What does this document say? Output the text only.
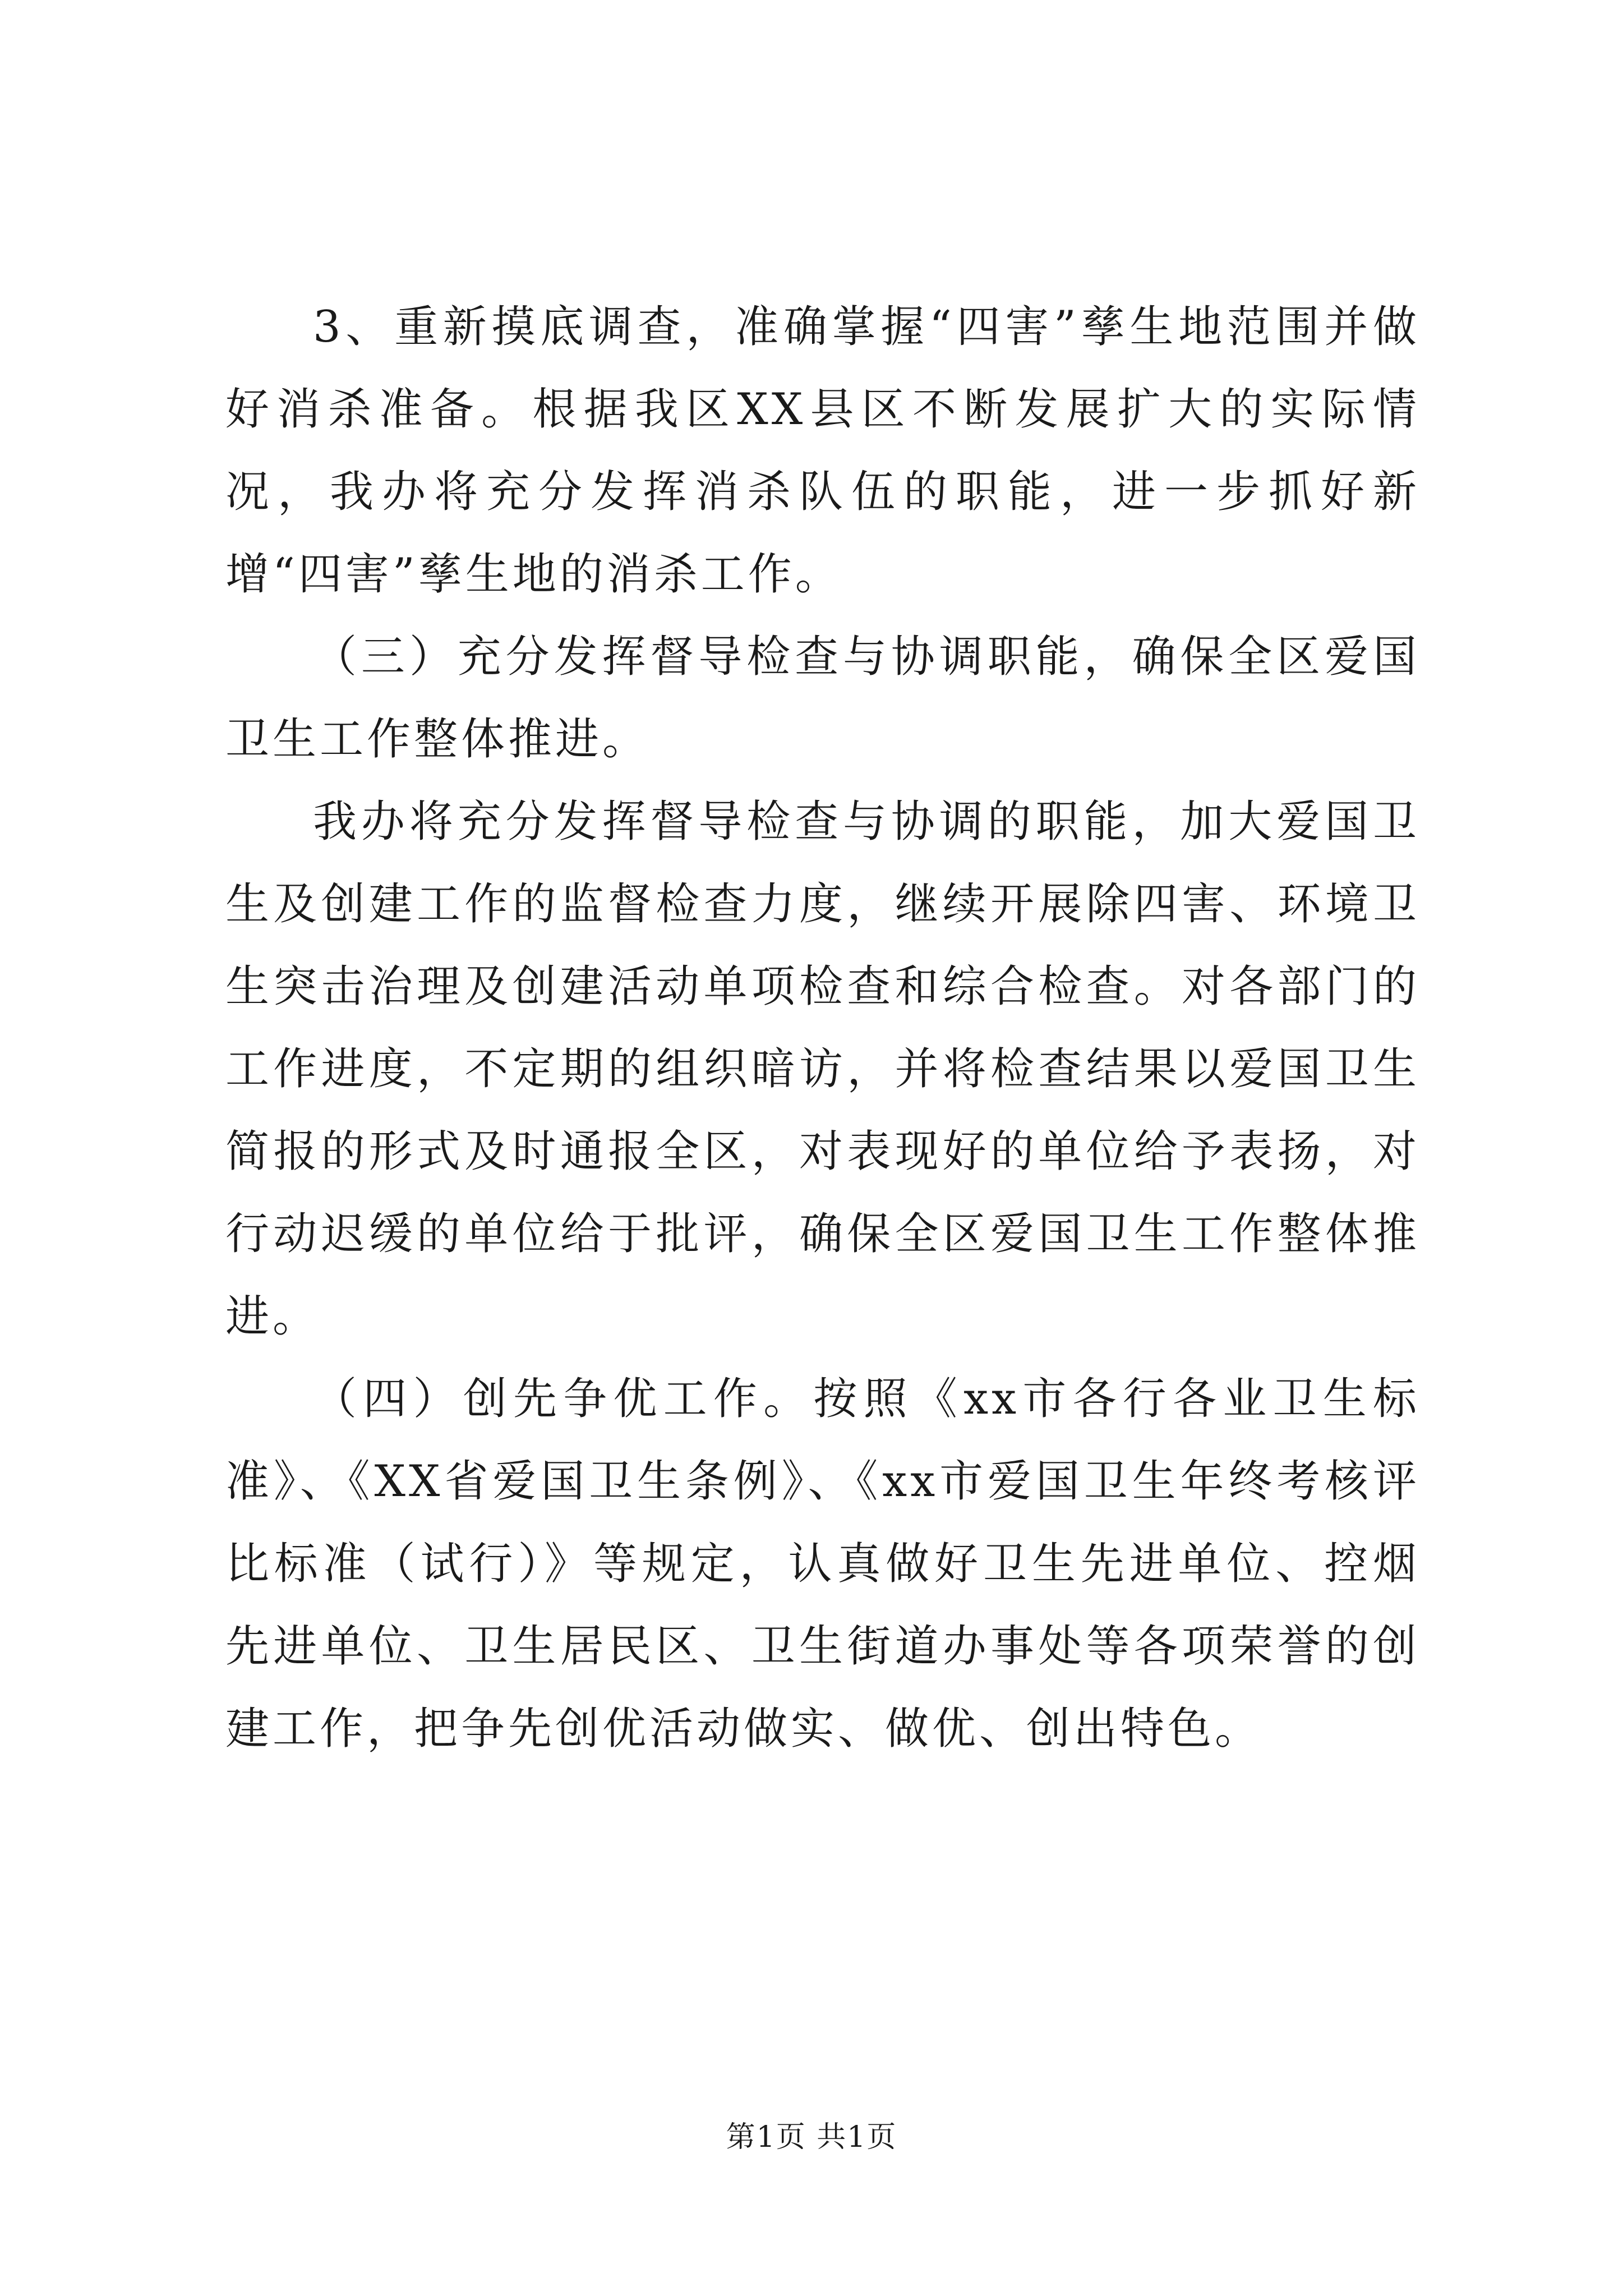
3、重新摸底调查，准确掌握“四害”孳生地范围并做好消杀准备。根据我区XX县区不断发展扩大的实际情况，我办将充分发挥消杀队伍的职能，进一步抓好新增“四害”孳生地的消杀工作。

（三）充分发挥督导检查与协调职能，确保全区爱国卫生工作整体推进。

我办将充分发挥督导检查与协调的职能，加大爱国卫生及创建工作的监督检查力度，继续开展除四害、环境卫生突击治理及创建活动单项检查和综合检查。对各部门的工作进度，不定期的组织暗访，并将检查结果以爱国卫生简报的形式及时通报全区，对表现好的单位给予表扬，对行动迟缓的单位给于批评，确保全区爱国卫生工作整体推进。

（四）创先争优工作。按照《xx市各行各业卫生标准》、《XX省爱国卫生条例》、《xx市爱国卫生年终考核评比标准（试行）》等规定，认真做好卫生先进单位、控烟先进单位、卫生居民区、卫生街道办事处等各项荣誉的创建工作，把争先创优活动做实、做优、创出特色。

第1页 共1页
